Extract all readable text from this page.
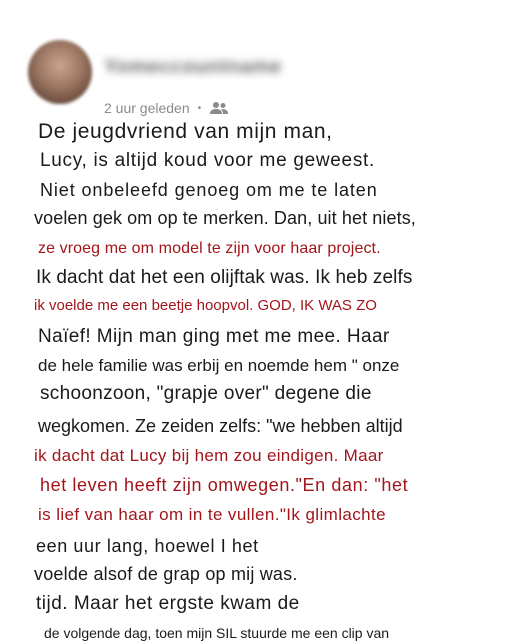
Yomeccountname
2 uur geleden •
De jeugdvriend van mijn man,
Lucy, is altijd koud voor me geweest.
Niet onbeleefd genoeg om me te laten
voelen gek om op te merken. Dan, uit het niets,
ze vroeg me om model te zijn voor haar project.
Ik dacht dat het een olijftak was. Ik heb zelfs
ik voelde me een beetje hoopvol. GOD, IK WAS ZO
Naïef! Mijn man ging met me mee. Haar
de hele familie was erbij en noemde hem " onze
schoonzoon, "grapje over" degene die
wegkomen. Ze zeiden zelfs: "we hebben altijd
ik dacht dat Lucy bij hem zou eindigen. Maar
het leven heeft zijn omwegen."En dan: "het
is lief van haar om in te vullen."Ik glimlachte
een uur lang, hoewel I het
voelde alsof de grap op mij was.
tijd. Maar het ergste kwam de
de volgende dag, toen mijn SIL stuurde me een clip van
